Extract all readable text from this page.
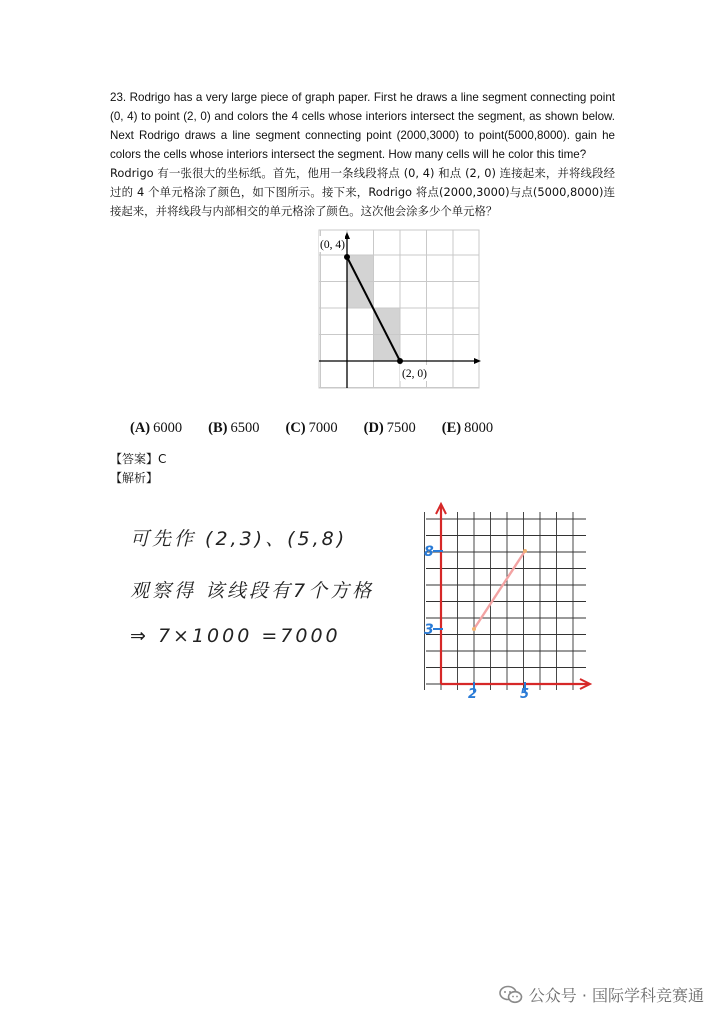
23. Rodrigo has a very large piece of graph paper. First he draws a line segment connecting point (0, 4) to point (2, 0) and colors the 4 cells whose interiors intersect the segment, as shown below. Next Rodrigo draws a line segment connecting point (2000,3000) to point(5000,8000). gain he colors the cells whose interiors intersect the segment. How many cells will he color this time?

Rodrigo 有一张很大的坐标纸。首先，他用一条线段将点 (0, 4) 和点 (2, 0) 连接起来，并将线段经过的 4 个单元格涂了颜色，如下图所示。接下来，Rodrigo 将点(2000,3000)与点(5000,8000)连接起来，并将线段与内部相交的单元格涂了颜色。这次他会涂多少个单元格？

(0, 4)
(2, 0)
(A) 6000 (B) 6500 (C) 7000 (D) 7500 (E) 8000
【答案】C
【解析】
可先作 (2,3)、(5,8)
观察得 该线段有7个方格
⇒ 7×1000 =7000
8
3
2	5
公众号 · 国际学科竞赛通
